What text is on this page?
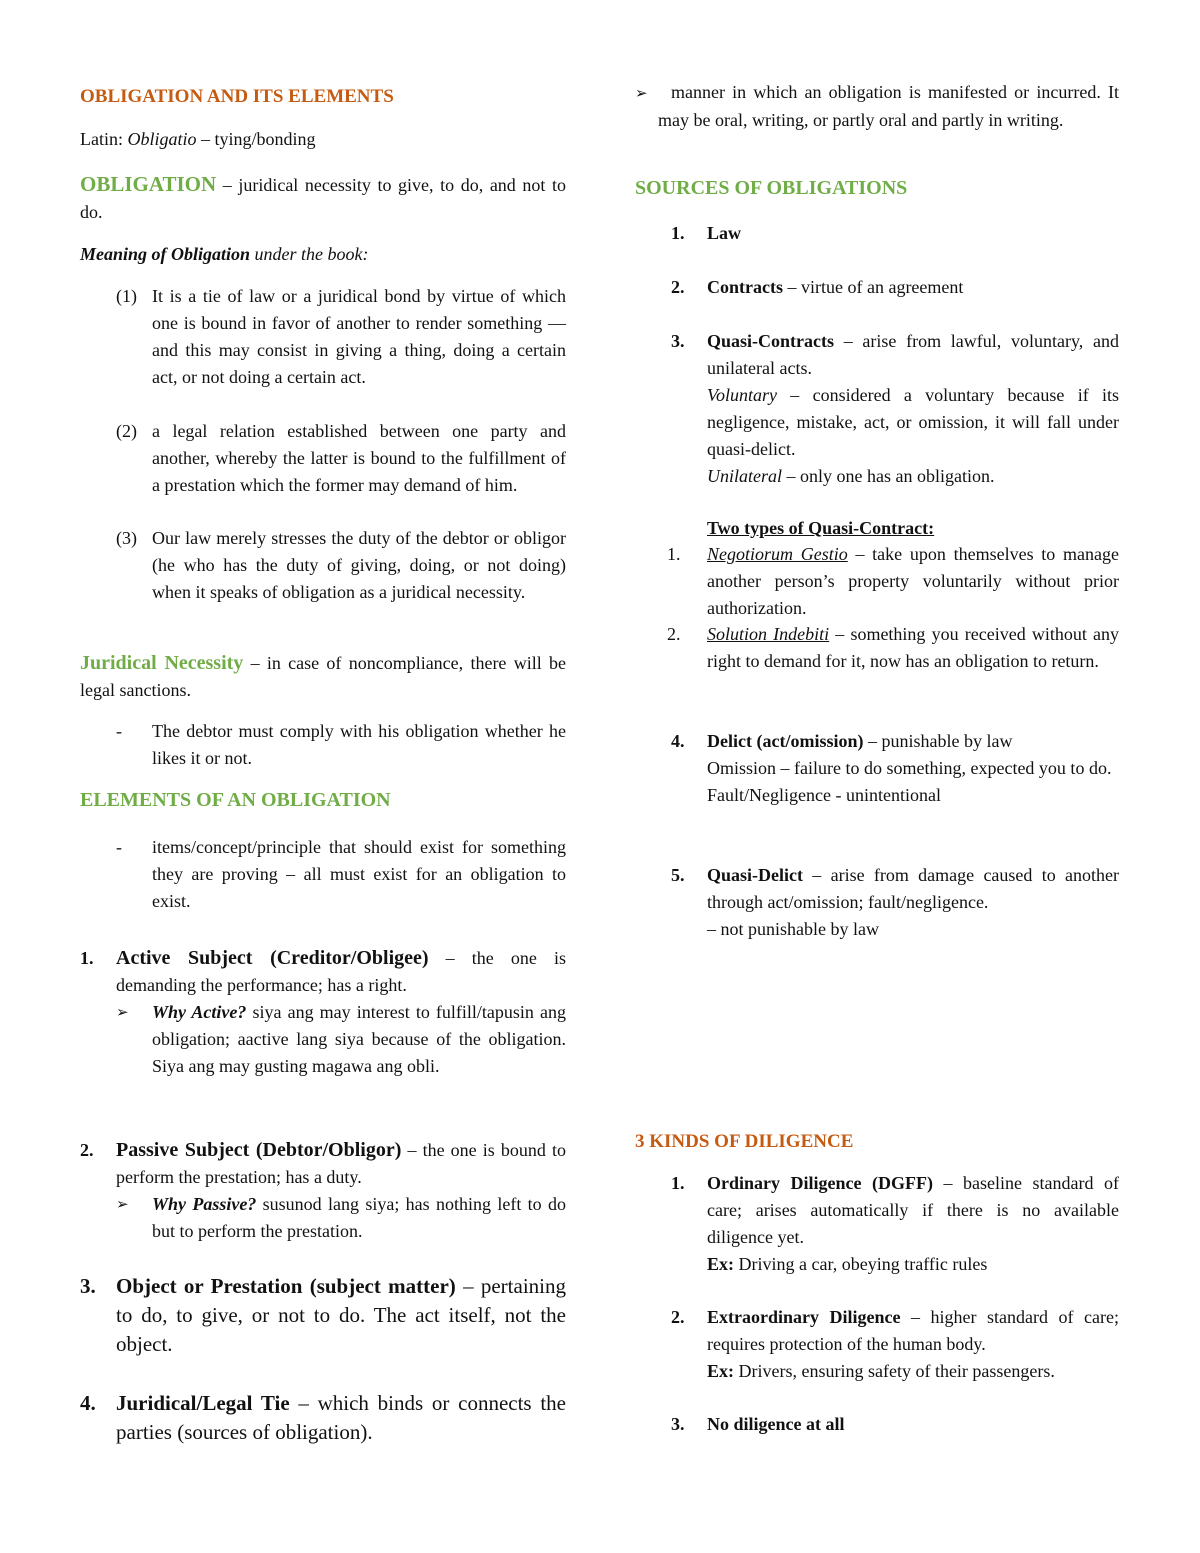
OBLIGATION AND ITS ELEMENTS
Latin: Obligatio – tying/bonding
OBLIGATION – juridical necessity to give, to do, and not to do.
Meaning of Obligation under the book:
(1) It is a tie of law or a juridical bond by virtue of which one is bound in favor of another to render something — and this may consist in giving a thing, doing a certain act, or not doing a certain act.
(2) a legal relation established between one party and another, whereby the latter is bound to the fulfillment of a prestation which the former may demand of him.
(3) Our law merely stresses the duty of the debtor or obligor (he who has the duty of giving, doing, or not doing) when it speaks of obligation as a juridical necessity.
Juridical Necessity – in case of noncompliance, there will be legal sanctions.
-	The debtor must comply with his obligation whether he likes it or not.
ELEMENTS OF AN OBLIGATION
-	items/concept/principle that should exist for something they are proving – all must exist for an obligation to exist.
1.	Active Subject (Creditor/Obligee) – the one is demanding the performance; has a right.
➢	Why Active? siya ang may interest to fulfill/tapusin ang obligation; aactive lang siya because of the obligation. Siya ang may gusting magawa ang obli.
2.	Passive Subject (Debtor/Obligor) – the one is bound to perform the prestation; has a duty.
➢	Why Passive? susunod lang siya; has nothing left to do but to perform the prestation.
3. Object or Prestation (subject matter) – pertaining to do, to give, or not to do. The act itself, not the object.
4. Juridical/Legal Tie – which binds or connects the parties (sources of obligation).
➢ manner in which an obligation is manifested or incurred. It may be oral, writing, or partly oral and partly in writing.
SOURCES OF OBLIGATIONS
1.	Law
2.	Contracts – virtue of an agreement
3.	Quasi-Contracts – arise from lawful, voluntary, and unilateral acts.
Voluntary – considered a voluntary because if its negligence, mistake, act, or omission, it will fall under quasi-delict.
Unilateral – only one has an obligation.
Two types of Quasi-Contract:
1.	Negotiorum Gestio – take upon themselves to manage another person’s property voluntarily without prior authorization.
2.	Solution Indebiti – something you received without any right to demand for it, now has an obligation to return.
4.	Delict (act/omission) – punishable by law
Omission – failure to do something, expected you to do.
Fault/Negligence - unintentional
5.	Quasi-Delict – arise from damage caused to another through act/omission; fault/negligence.
– not punishable by law
3 KINDS OF DILIGENCE
1.	Ordinary Diligence (DGFF) – baseline standard of care; arises automatically if there is no available diligence yet.
Ex: Driving a car, obeying traffic rules
2.	Extraordinary Diligence – higher standard of care; requires protection of the human body.
Ex: Drivers, ensuring safety of their passengers.
3.	No diligence at all
